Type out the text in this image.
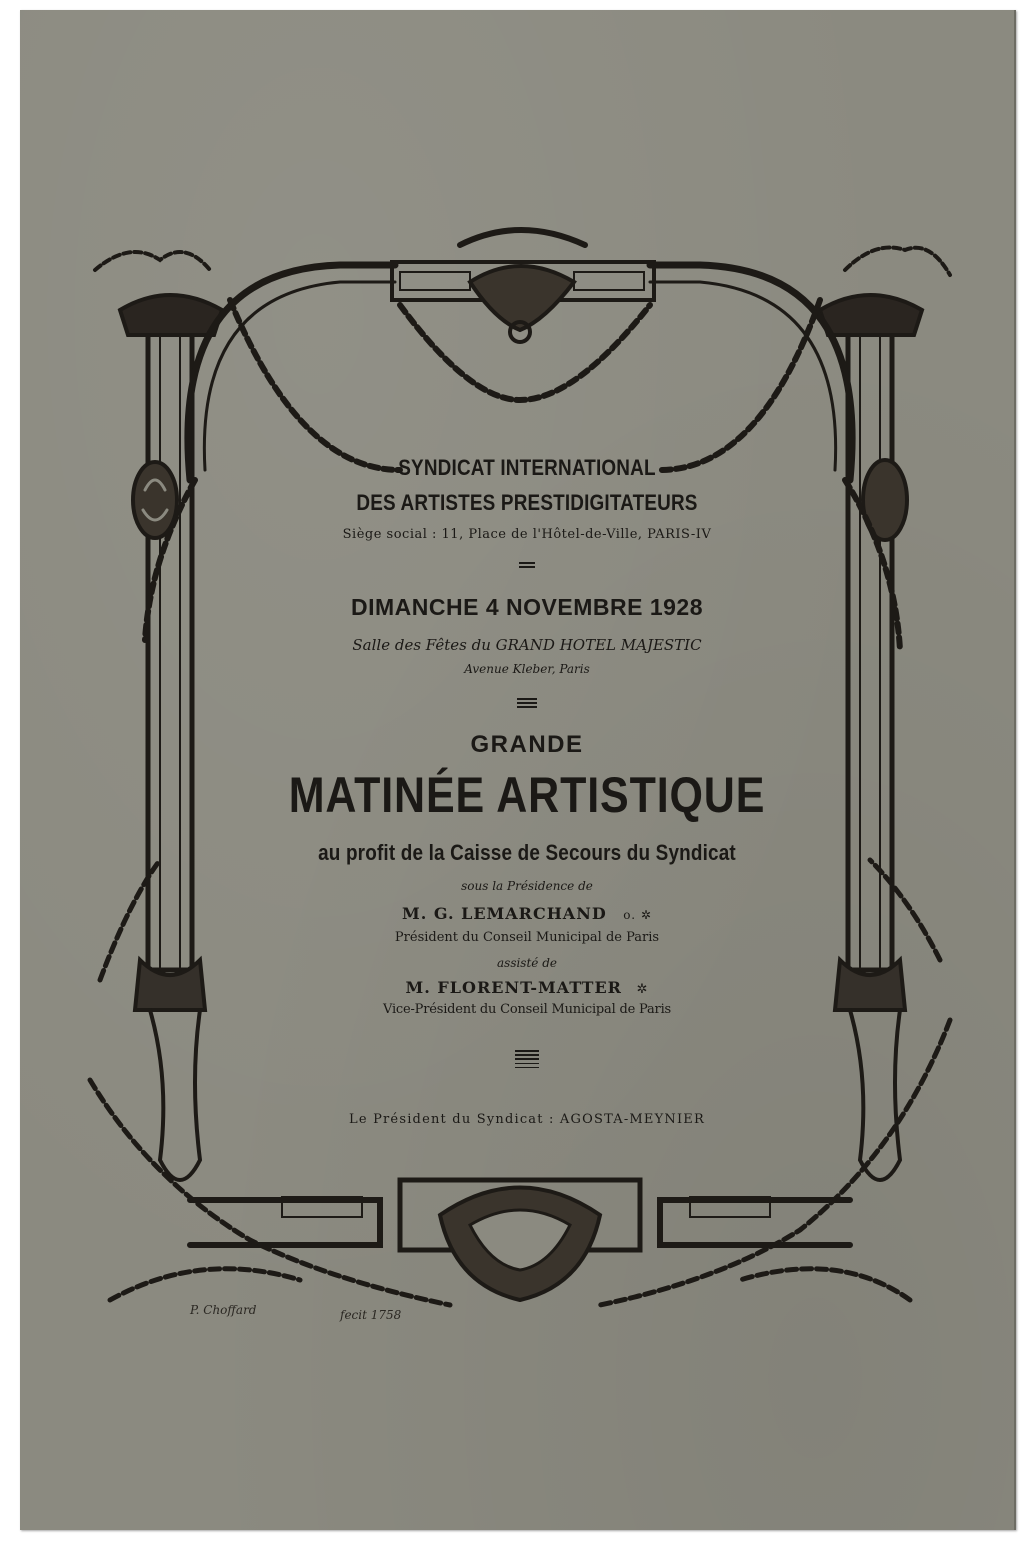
SYNDICAT INTERNATIONAL
DES ARTISTES PRESTIDIGITATEURS
Siège social : 11, Place de l'Hôtel-de-Ville, PARIS-IV
DIMANCHE 4 NOVEMBRE 1928
Salle des Fêtes du GRAND HOTEL MAJESTIC
Avenue Kleber, Paris
GRANDE
MATINÉE ARTISTIQUE
au profit de la Caisse de Secours du Syndicat
sous la Présidence de
M. G. LEMARCHAND o. ✲
Président du Conseil Municipal de Paris
assisté de
M. FLORENT-MATTER ✲
Vice-Président du Conseil Municipal de Paris
Le Président du Syndicat : AGOSTA-MEYNIER
P. Choffard	fecit 1758
